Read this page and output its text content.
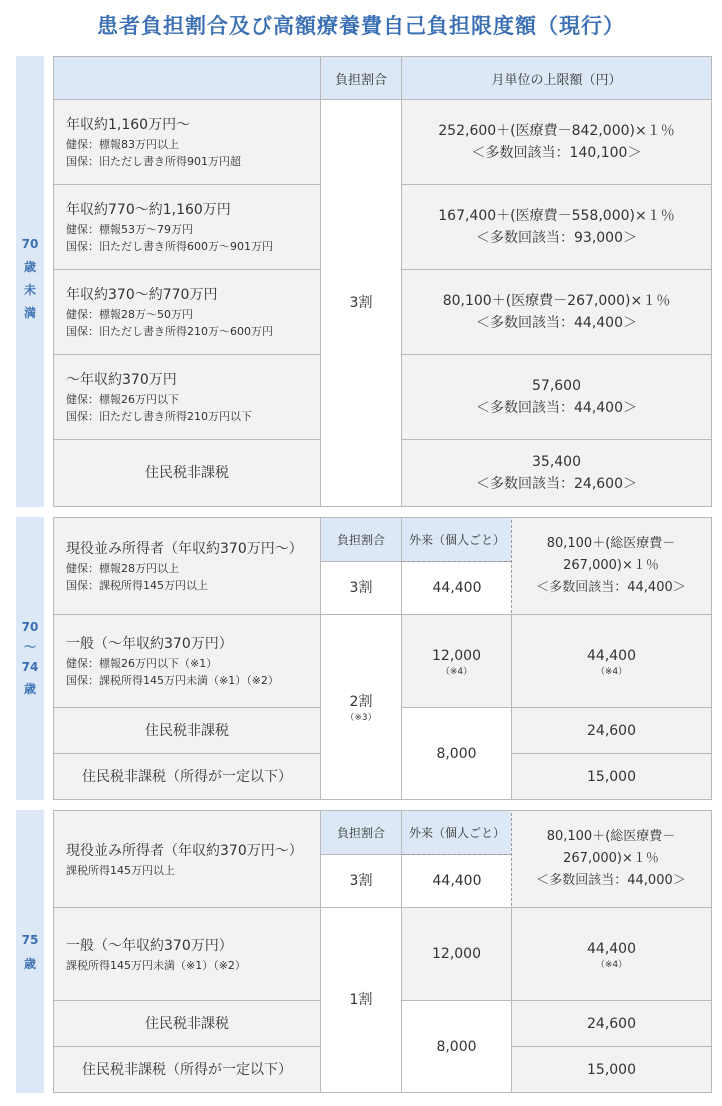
患者負担割合及び高額療養費自己負担限度額（現行）
70
歳
未
満
負担割合	月単位の上限額（円）
年収約1,160万円～
健保：標報83万円以上
国保：旧ただし書き所得901万円超
年収約770～約1,160万円
健保：標報53万～79万円
国保：旧ただし書き所得600万～901万円
年収約370～約770万円
健保：標報28万～50万円
国保：旧ただし書き所得210万～600万円
～年収約370万円
健保：標報26万円以下
国保：旧ただし書き所得210万円以下
住民税非課税
3割
252,600＋(医療費－842,000)×１％
＜多数回該当：140,100＞
167,400＋(医療費－558,000)×１％
＜多数回該当：93,000＞
80,100＋(医療費－267,000)×１％
＜多数回該当：44,400＞
57,600
＜多数回該当：44,400＞
35,400
＜多数回該当：24,600＞
70
～
74
歳
現役並み所得者（年収約370万円～）
健保：標報28万円以上
国保：課税所得145万円以上
一般（～年収約370万円）
健保：標報26万円以下（※1）
国保：課税所得145万円未満（※1）（※2）
住民税非課税
住民税非課税（所得が一定以下）
負担割合
3割
2割
（※3）
外来（個人ごと）
44,400
12,000
（※4）
8,000
80,100＋(総医療費－
267,000)×１％
＜多数回該当：44,400＞
44,400
（※4）
24,600
15,000
75
歳
現役並み所得者（年収約370万円～）
課税所得145万円以上
一般（～年収約370万円）
課税所得145万円未満（※1）（※2）
住民税非課税
住民税非課税（所得が一定以下）
負担割合
3割
1割
外来（個人ごと）
44,400
12,000
8,000
80,100＋(総医療費－
267,000)×１％
＜多数回該当：44,000＞
44,400
（※4）
24,600
15,000
